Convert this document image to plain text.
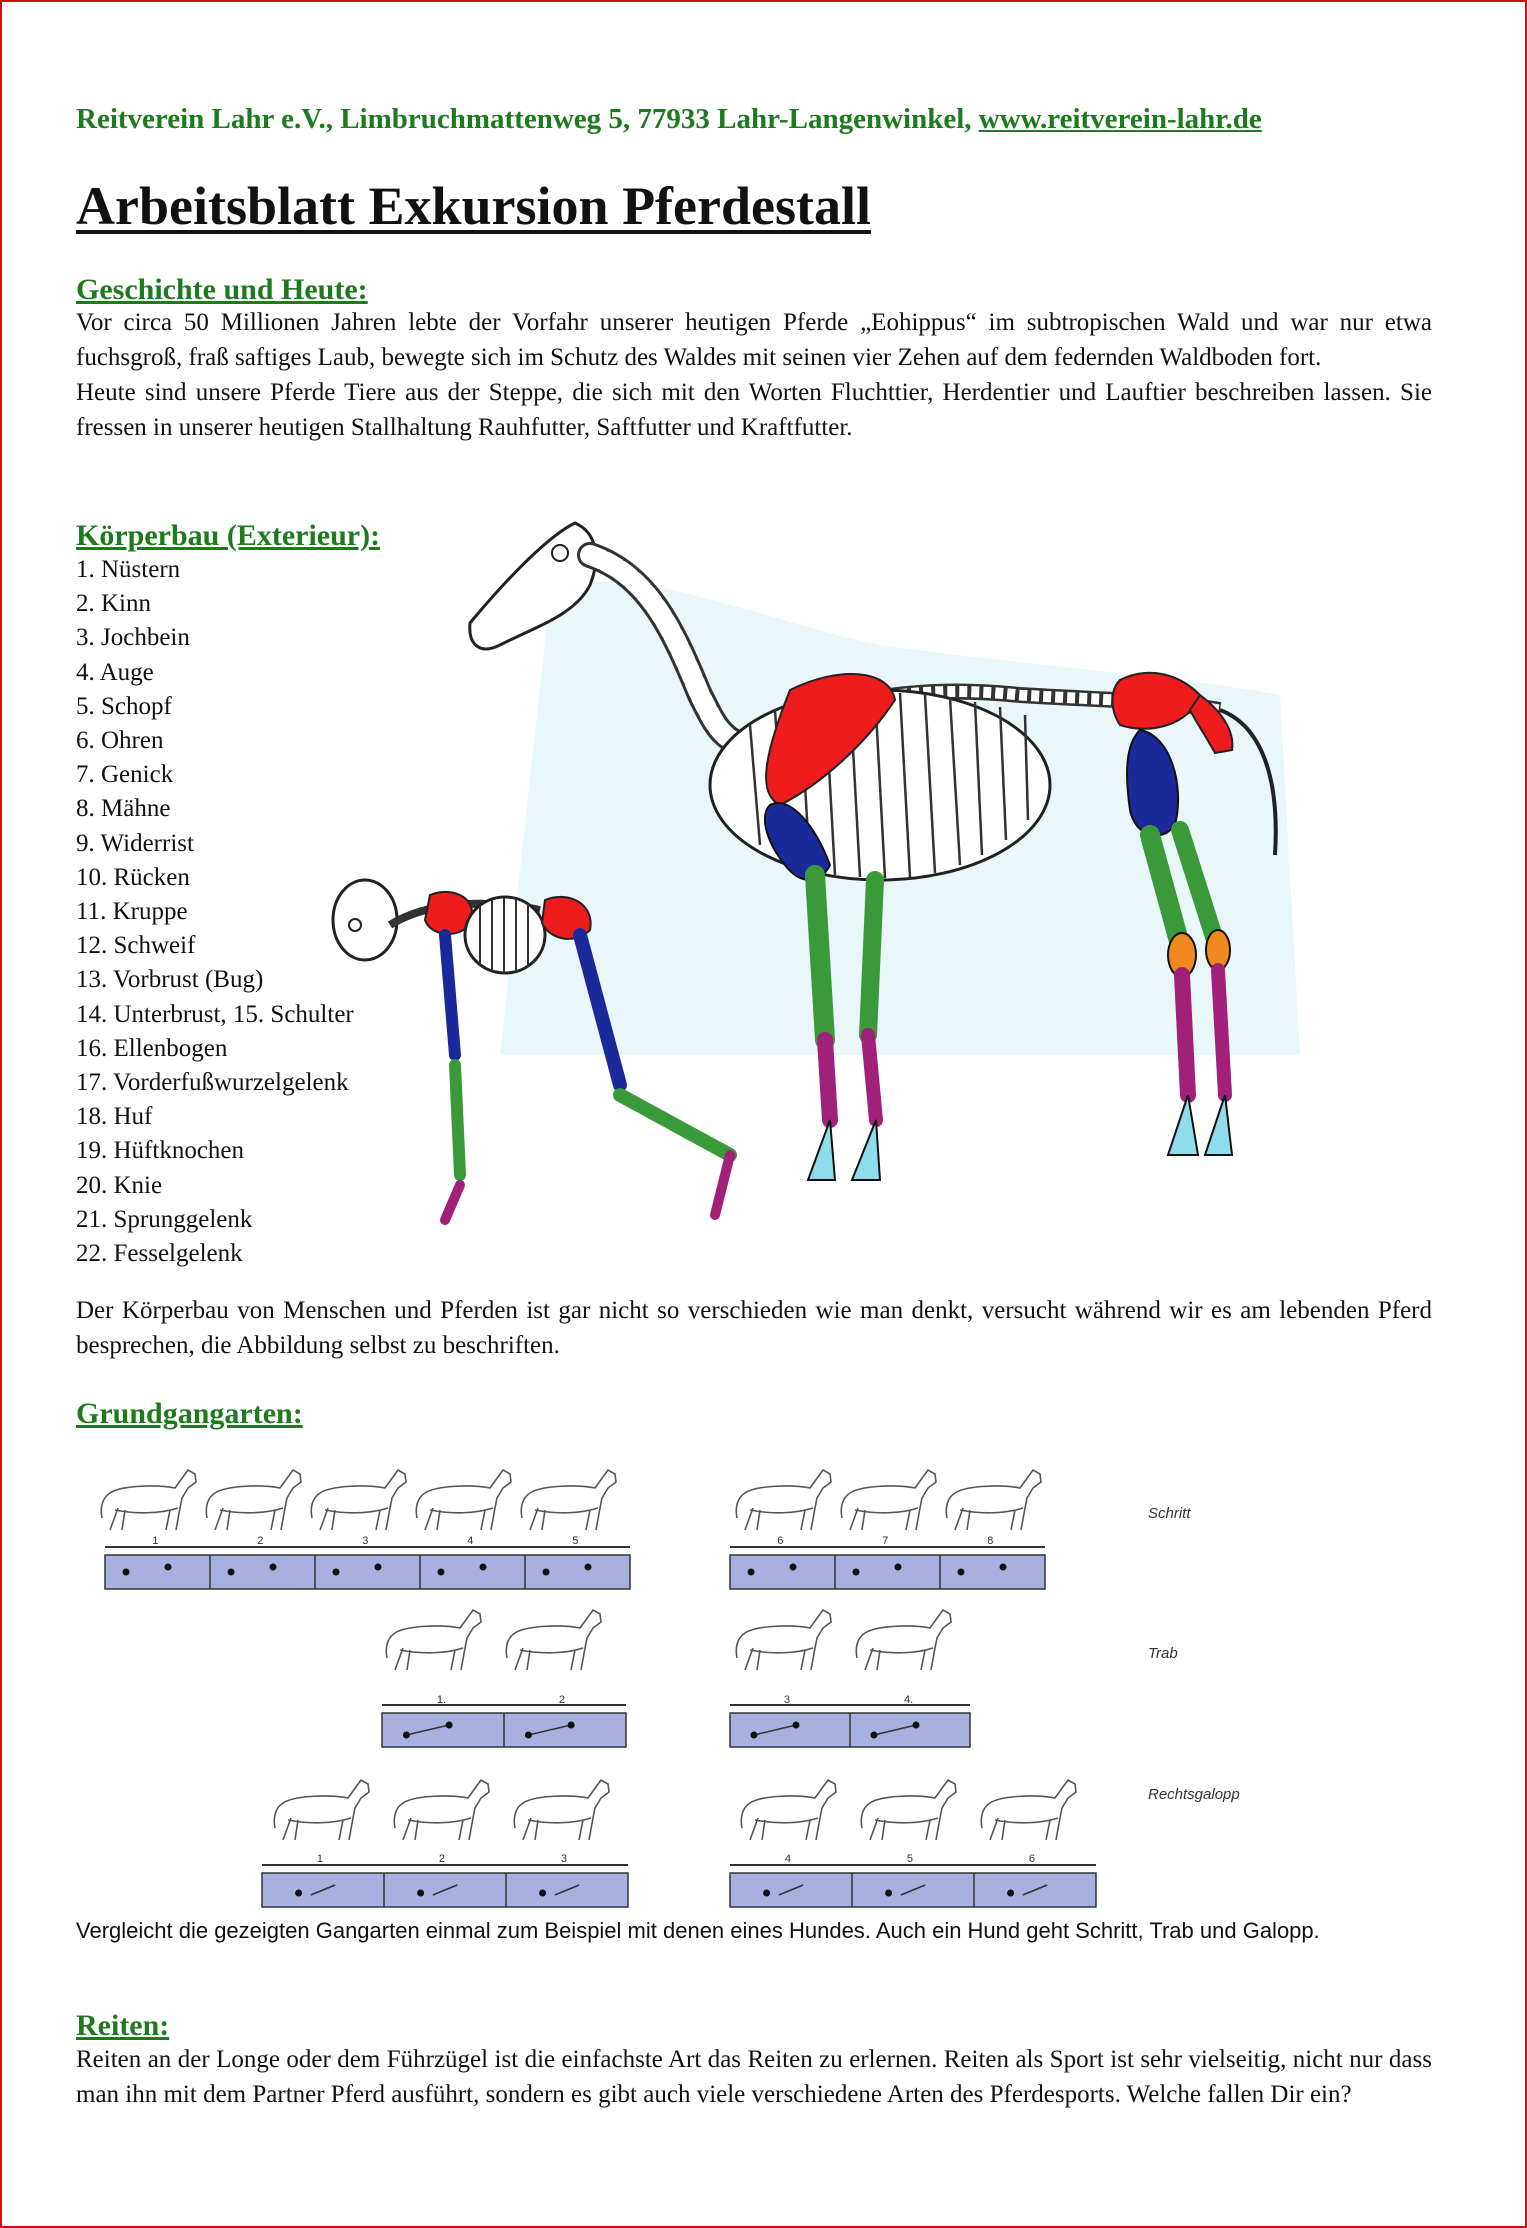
Reitverein Lahr e.V., Limbruchmattenweg 5, 77933 Lahr-Langenwinkel, www.reitverein-lahr.de
Arbeitsblatt Exkursion Pferdestall
Geschichte und Heute:

Vor circa 50 Millionen Jahren lebte der Vorfahr unserer heutigen Pferde „Eohippus“ im subtropischen Wald und war nur etwa fuchsgroß, fraß saftiges Laub, bewegte sich im Schutz des Waldes mit seinen vier Zehen auf dem federnden Waldboden fort.

Heute sind unsere Pferde Tiere aus der Steppe, die sich mit den Worten Fluchttier, Herdentier und Lauftier beschreiben lassen. Sie fressen in unserer heutigen Stallhaltung Rauhfutter, Saftfutter und Kraftfutter.

Körperbau (Exterieur):
1. Nüstern
2. Kinn
3. Jochbein
4. Auge
5. Schopf
6. Ohren
7. Genick
8. Mähne
9. Widerrist
10. Rücken
11. Kruppe
12. Schweif
13. Vorbrust (Bug)
14. Unterbrust, 15. Schulter
16. Ellenbogen
17. Vorderfußwurzelgelenk
18. Huf
19. Hüftknochen
20. Knie
21. Sprunggelenk
22. Fesselgelenk
Der Körperbau von Menschen und Pferden ist gar nicht so verschieden wie man denkt, versucht während wir es am lebenden Pferd besprechen, die Abbildung selbst zu beschriften.
Grundgangarten:
1	2	3	4	5	6	7	8
1.	2	3	4.
1	2	3	4	5	6
Schritt
Trab
Rechtsgalopp
Vergleicht die gezeigten Gangarten einmal zum Beispiel mit denen eines Hundes. Auch ein Hund geht Schritt, Trab und Galopp.
Reiten:
Reiten an der Longe oder dem Führzügel ist die einfachste Art das Reiten zu erlernen. Reiten als Sport ist sehr vielseitig, nicht nur dass man ihn mit dem Partner Pferd ausführt, sondern es gibt auch viele verschiedene Arten des Pferdesports. Welche fallen Dir ein?
